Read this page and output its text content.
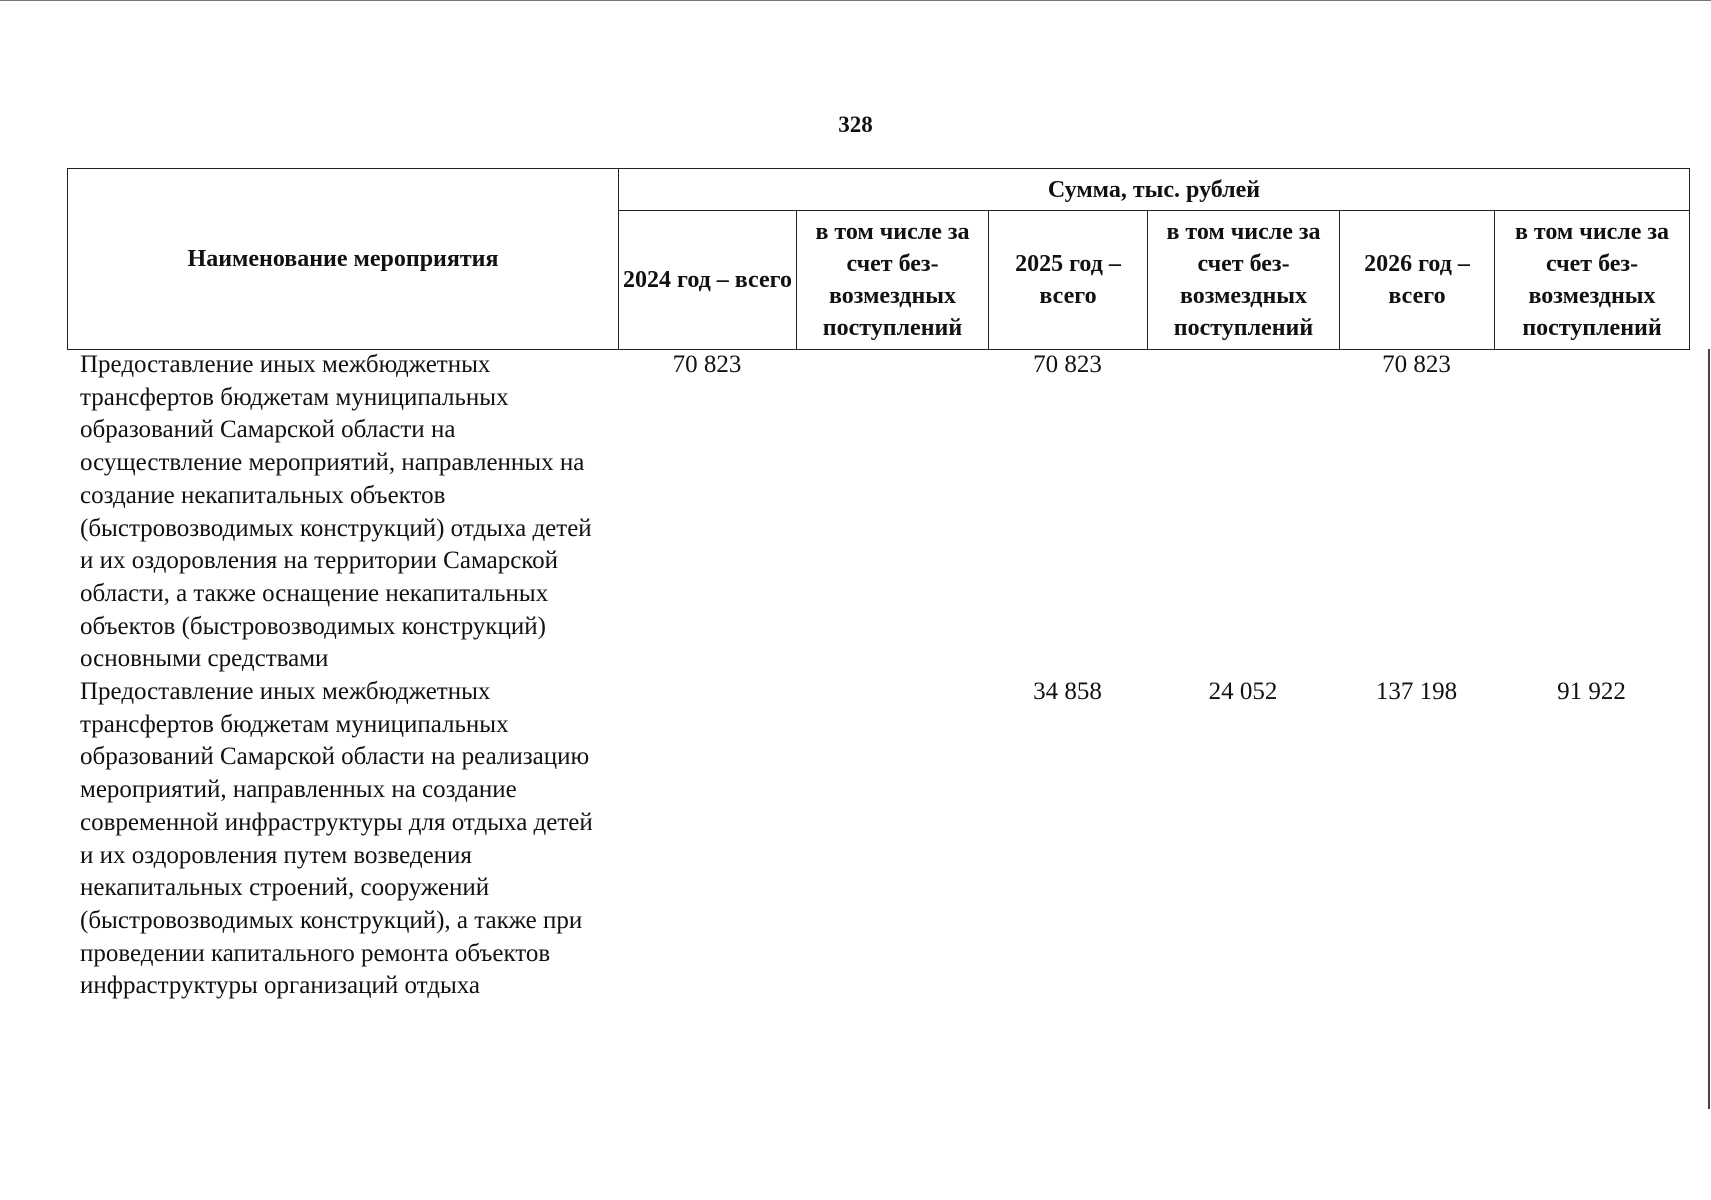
328
Наименование мероприятия	Сумма, тыс. рублей					
	2024 год – всего	в том числе за счет без-возмездных поступлений	2025 год – всего	в том числе за счет без-возмездных поступлений	2026 год – всего	в том числе за счет без-возмездных поступлений
Предоставление иных межбюджетных трансфертов бюджетам муниципальных образований Самарской области на осуществление мероприятий, направленных на создание некапитальных объектов (быстровозводимых конструкций) отдыха детей и их оздоровления на территории Самарской области, а также оснащение некапитальных объектов (быстровозводимых конструкций) основными средствами	70 823		70 823		70 823	
Предоставление иных межбюджетных трансфертов бюджетам муниципальных образований Самарской области на реализацию мероприятий, направленных на создание современной инфраструктуры для отдыха детей и их оздоровления путем возведения некапитальных строений, сооружений (быстровозводимых конструкций), а также при проведении капитального ремонта объектов инфраструктуры организаций отдыха			34 858	24 052	137 198	91 922
